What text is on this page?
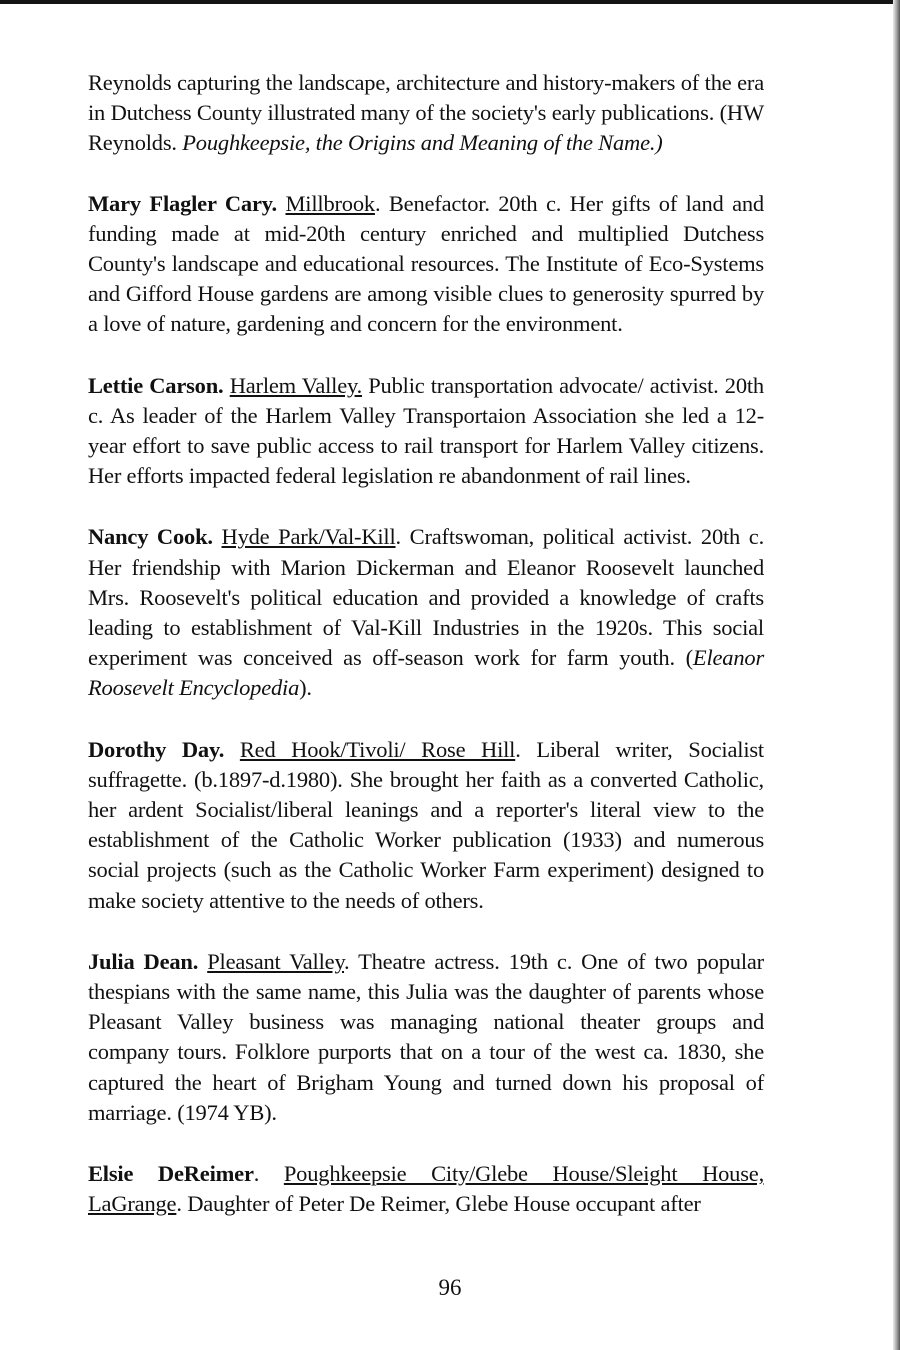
Reynolds capturing the landscape, architecture and history-makers of the era in Dutchess County illustrated many of the society's early publications. (HW Reynolds. Poughkeepsie, the Origins and Meaning of the Name.)

Mary Flagler Cary. Millbrook. Benefactor. 20th c. Her gifts of land and funding made at mid-20th century enriched and multiplied Dutchess County's landscape and educational resources. The Institute of Eco-Systems and Gifford House gardens are among visible clues to generosity spurred by a love of nature, gardening and concern for the environment.

Lettie Carson. Harlem Valley. Public transportation advocate/ activist. 20th c. As leader of the Harlem Valley Transportaion Association she led a 12-year effort to save public access to rail transport for Harlem Valley citizens. Her efforts impacted federal legislation re abandonment of rail lines.

Nancy Cook. Hyde Park/Val-Kill. Craftswoman, political activist. 20th c. Her friendship with Marion Dickerman and Eleanor Roosevelt launched Mrs. Roosevelt's political education and provided a knowledge of crafts leading to establishment of Val-Kill Industries in the 1920s. This social experiment was conceived as off-season work for farm youth. (Eleanor Roosevelt Encyclopedia).

Dorothy Day. Red Hook/Tivoli/ Rose Hill. Liberal writer, Socialist suffragette. (b.1897-d.1980). She brought her faith as a converted Catholic, her ardent Socialist/liberal leanings and a reporter's literal view to the establishment of the Catholic Worker publication (1933) and numerous social projects (such as the Catholic Worker Farm experiment) designed to make society attentive to the needs of others.

Julia Dean. Pleasant Valley. Theatre actress. 19th c. One of two popular thespians with the same name, this Julia was the daughter of parents whose Pleasant Valley business was managing national theater groups and company tours. Folklore purports that on a tour of the west ca. 1830, she captured the heart of Brigham Young and turned down his proposal of marriage. (1974 YB).

Elsie DeReimer. Poughkeepsie City/Glebe House/Sleight House, LaGrange. Daughter of Peter De Reimer, Glebe House occupant after

96
